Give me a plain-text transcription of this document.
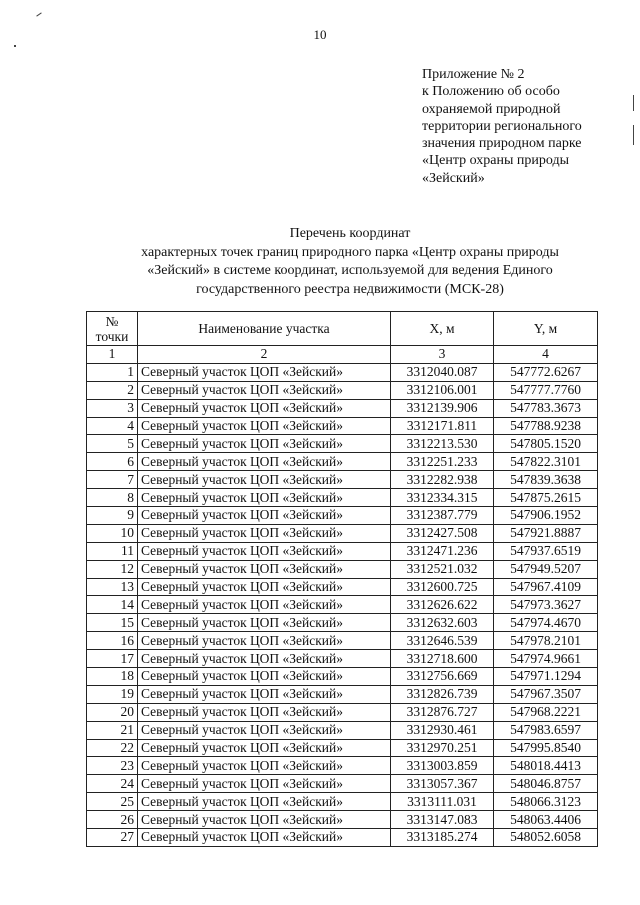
10
Приложение № 2
к Положению об особо
охраняемой природной
территории регионального
значения природном парке
«Центр охраны природы
«Зейский»
Перечень координат
характерных точек границ природного парка «Центр охраны природы
«Зейский» в системе координат, используемой для ведения Единого
государственного реестра недвижимости (МСК-28)
№
точки	Наименование участка	X, м	Y, м
1	2	3	4
1	Северный участок ЦОП «Зейский»	3312040.087	547772.6267
2	Северный участок ЦОП «Зейский»	3312106.001	547777.7760
3	Северный участок ЦОП «Зейский»	3312139.906	547783.3673
4	Северный участок ЦОП «Зейский»	3312171.811	547788.9238
5	Северный участок ЦОП «Зейский»	3312213.530	547805.1520
6	Северный участок ЦОП «Зейский»	3312251.233	547822.3101
7	Северный участок ЦОП «Зейский»	3312282.938	547839.3638
8	Северный участок ЦОП «Зейский»	3312334.315	547875.2615
9	Северный участок ЦОП «Зейский»	3312387.779	547906.1952
10	Северный участок ЦОП «Зейский»	3312427.508	547921.8887
11	Северный участок ЦОП «Зейский»	3312471.236	547937.6519
12	Северный участок ЦОП «Зейский»	3312521.032	547949.5207
13	Северный участок ЦОП «Зейский»	3312600.725	547967.4109
14	Северный участок ЦОП «Зейский»	3312626.622	547973.3627
15	Северный участок ЦОП «Зейский»	3312632.603	547974.4670
16	Северный участок ЦОП «Зейский»	3312646.539	547978.2101
17	Северный участок ЦОП «Зейский»	3312718.600	547974.9661
18	Северный участок ЦОП «Зейский»	3312756.669	547971.1294
19	Северный участок ЦОП «Зейский»	3312826.739	547967.3507
20	Северный участок ЦОП «Зейский»	3312876.727	547968.2221
21	Северный участок ЦОП «Зейский»	3312930.461	547983.6597
22	Северный участок ЦОП «Зейский»	3312970.251	547995.8540
23	Северный участок ЦОП «Зейский»	3313003.859	548018.4413
24	Северный участок ЦОП «Зейский»	3313057.367	548046.8757
25	Северный участок ЦОП «Зейский»	3313111.031	548066.3123
26	Северный участок ЦОП «Зейский»	3313147.083	548063.4406
27	Северный участок ЦОП «Зейский»	3313185.274	548052.6058
